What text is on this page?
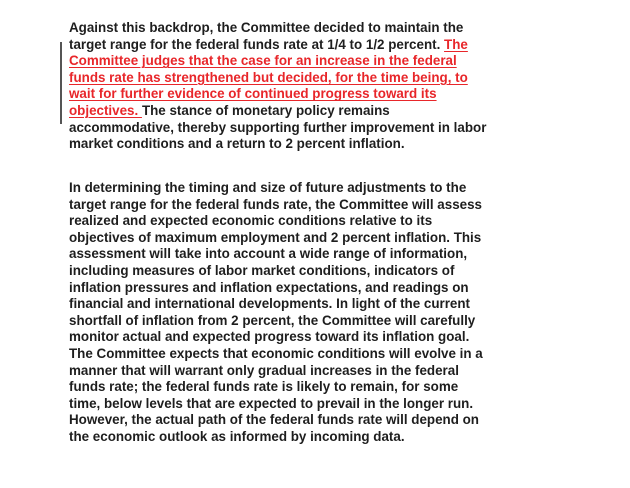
Against this backdrop, the Committee decided to maintain the
target range for the federal funds rate at 1/4 to 1/2 percent. The
Committee judges that the case for an increase in the federal
funds rate has strengthened but decided, for the time being, to
wait for further evidence of continued progress toward its
objectives. The stance of monetary policy remains
accommodative, thereby supporting further improvement in labor
market conditions and a return to 2 percent inflation.
In determining the timing and size of future adjustments to the
target range for the federal funds rate, the Committee will assess
realized and expected economic conditions relative to its
objectives of maximum employment and 2 percent inflation. This
assessment will take into account a wide range of information,
including measures of labor market conditions, indicators of
inflation pressures and inflation expectations, and readings on
financial and international developments. In light of the current
shortfall of inflation from 2 percent, the Committee will carefully
monitor actual and expected progress toward its inflation goal.
The Committee expects that economic conditions will evolve in a
manner that will warrant only gradual increases in the federal
funds rate; the federal funds rate is likely to remain, for some
time, below levels that are expected to prevail in the longer run.
However, the actual path of the federal funds rate will depend on
the economic outlook as informed by incoming data.
